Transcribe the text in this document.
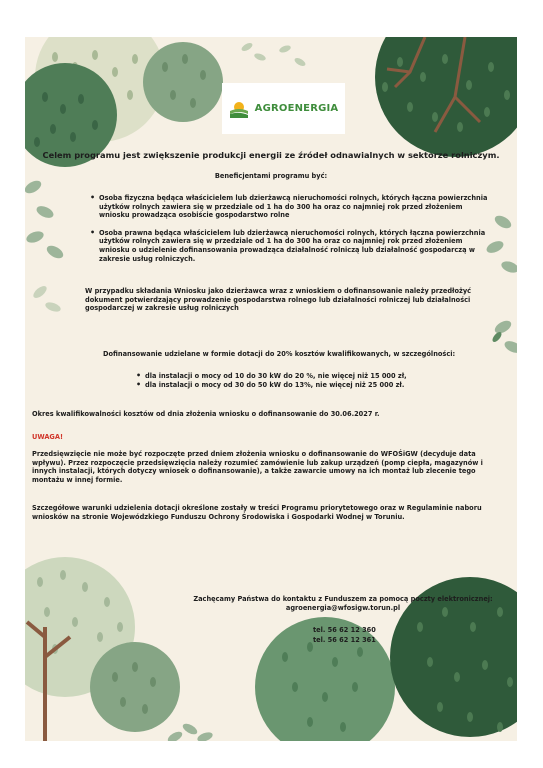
AGROENERGIA
Celem programu jest zwiększenie produkcji energii ze źródeł odnawialnych w sektorze rolniczym.
Beneficjentami programu być:
• Osoba fizyczna będąca właścicielem lub dzierżawcą nieruchomości rolnych, których łączna powierzchnia użytków rolnych zawiera się w przedziale od 1 ha do 300 ha oraz co najmniej rok przed złożeniem wniosku prowadząca osobiście gospodarstwo rolne
• Osoba prawna będąca właścicielem lub dzierżawcą nieruchomości rolnych, których łączna powierzchnia użytków rolnych zawiera się w przedziale od 1 ha do 300 ha oraz co najmniej rok przed złożeniem wniosku o udzielenie dofinansowania prowadząca działalność rolniczą lub działalność gospodarczą w zakresie usług rolniczych.
W przypadku składania Wniosku jako dzierżawca wraz z wnioskiem o dofinansowanie należy przedłożyć dokument potwierdzający prowadzenie gospodarstwa rolnego lub działalności rolniczej lub działalności gospodarczej w zakresie usług rolniczych
Dofinansowanie udzielane w formie dotacji do 20% kosztów kwalifikowanych, w szczególności:
• dla instalacji o mocy od 10 do 30 kW do 20 %, nie więcej niż 15 000 zł,
• dla instalacji o mocy od 30 do 50 kW do 13%, nie więcej niż 25 000 zł.
Okres kwalifikowalności kosztów od dnia złożenia wniosku o dofinansowanie do 30.06.2027 r.
UWAGA!
Przedsięwzięcie nie może być rozpoczęte przed dniem złożenia wniosku o dofinansowanie do WFOŚiGW (decyduje data wpływu). Przez rozpoczęcie przedsięwzięcia należy rozumieć zamówienie lub zakup urządzeń (pomp ciepła, magazynów i innych instalacji, których dotyczy wniosek o dofinansowanie), a także zawarcie umowy na ich montaż lub zlecenie tego montażu w innej formie.
Szczegółowe warunki udzielenia dotacji określone zostały w treści Programu priorytetowego oraz w Regulaminie naboru wniosków na stronie Wojewódzkiego Funduszu Ochrony Środowiska i Gospodarki Wodnej w Toruniu.
Zachęcamy Państwa do kontaktu z Funduszem za pomocą poczty elektronicznej:
agroenergia@wfosigw.torun.pl
tel. 56 62 12 360
tel. 56 62 12 361
